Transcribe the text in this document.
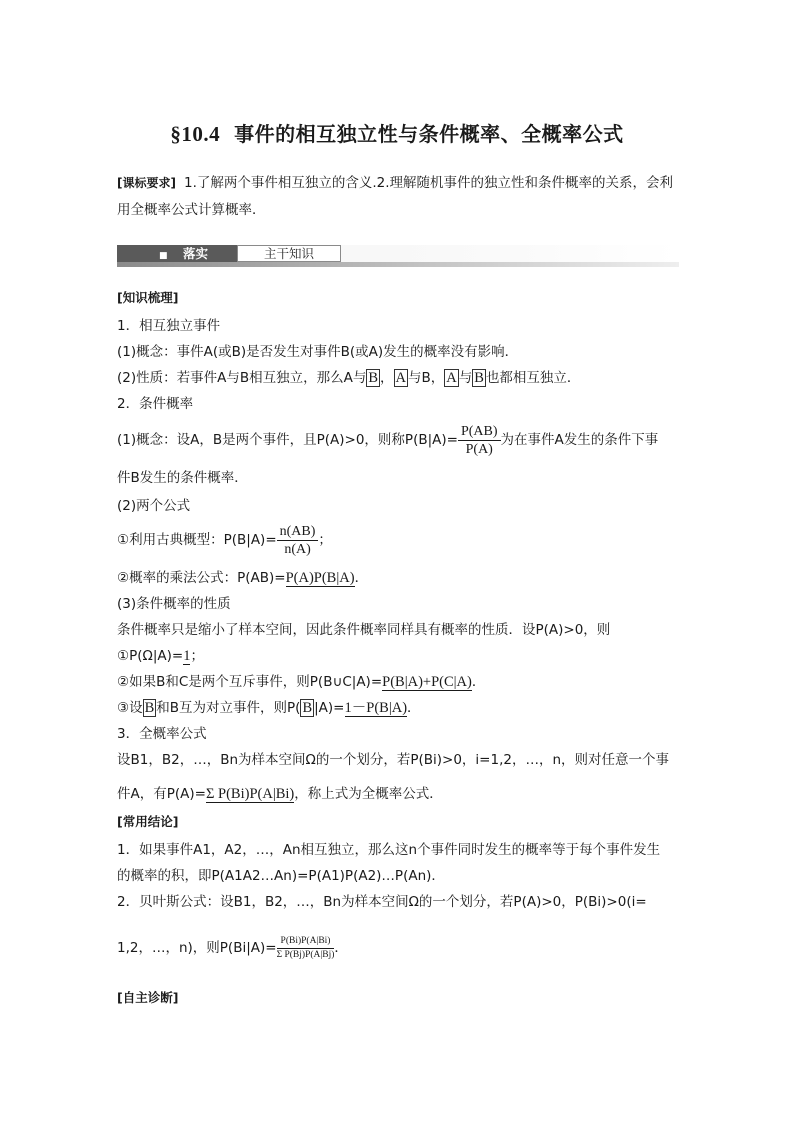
§10.4 事件的相互独立性与条件概率、全概率公式
[课标要求] 1.了解两个事件相互独立的含义.2.理解随机事件的独立性和条件概率的关系，会利用全概率公式计算概率．
■ 落实	主干知识
[知识梳理]
1．相互独立事件
(1)概念：事件A(或B)是否发生对事件B(或A)发生的概率没有影响．
(2)性质：若事件A与B相互独立，那么A与 B ， A 与B， A 与 B 也都相互独立．
2．条件概率
(1)概念：设A，B是两个事件，且P(A)>0，则称$P(B|A)= \frac{P(AB)}{P(A)}$ 为在事件A发生的条件下事
件B发生的条件概率．
(2)两个公式
①利用古典概型：$P(B|A)= \frac{n(AB)}{n(A)}$ ；
②概率的乘法公式：P(AB)=P(A)P(B|A)．
(3)条件概率的性质
条件概率只是缩小了样本空间，因此条件概率同样具有概率的性质．设P(A)>0，则
①P(Ω|A)=1；
②如果B和C是两个互斥事件，则P(B∪C|A)=P(B|A)+P(C|A)．
③设 B 和B互为对立事件，则P( B |A)=1－P(B|A)．
3．全概率公式
设B1，B2，…，Bn为样本空间Ω的一个划分，若P(Bi)>0，i=1,2，…，n，则对任意一个事
件A，有P(A)=Σ P(Bi)P(A|Bi)，称上式为全概率公式．
[常用结论]
1．如果事件A1，A2，…，An相互独立，那么这n个事件同时发生的概率等于每个事件发生
的概率的积，即P(A1A2…An)=P(A1)P(A2)…P(An)．
2．贝叶斯公式：设B1，B2，…，Bn为样本空间Ω的一个划分，若P(A)>0，P(Bi)>0(i=
1,2，…，n)，则$P(Bi|A)= \frac{P(Bi)P(A|Bi)}{\text{Σ P(Bj)P(A|Bj)}}$ ．
[自主诊断]
